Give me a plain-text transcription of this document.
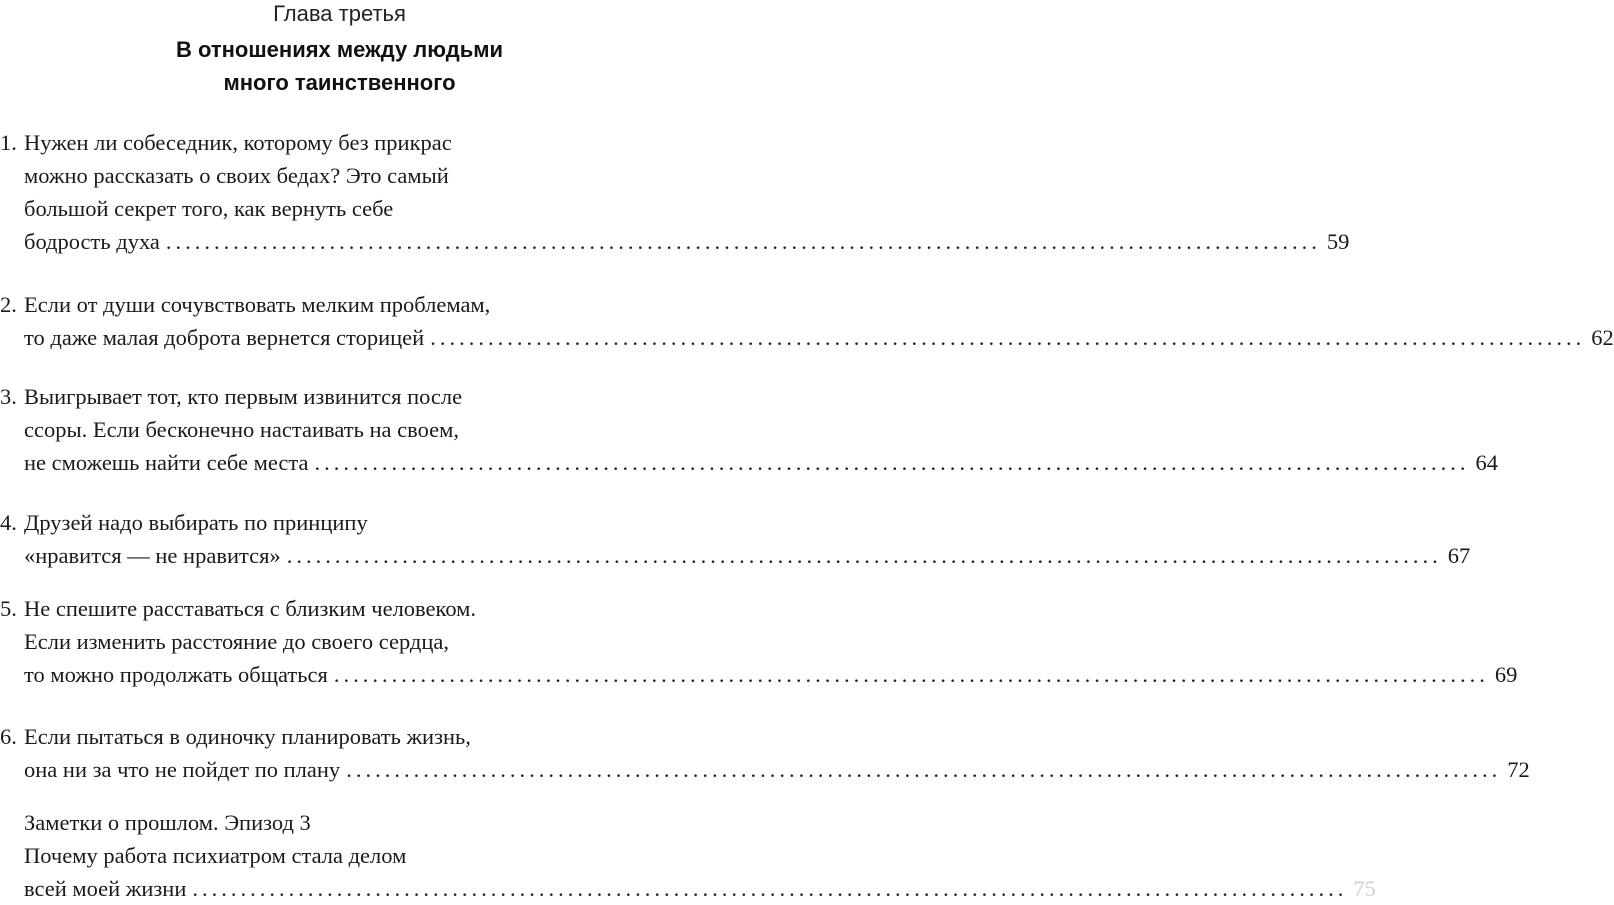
Глава третья
В отношениях между людьми
много таинственного
1. Нужен ли собеседник, которому без прикрас
можно рассказать о своих бедах? Это самый
большой секрет того, как вернуть себе
бодрость духа ........................................................................................................................ 59
2. Если от души сочувствовать мелким проблемам,
то даже малая доброта вернется сторицей ........................................................................................................................ 62
3. Выигрывает тот, кто первым извинится после
ссоры. Если бесконечно настаивать на своем,
не сможешь найти себе места ........................................................................................................................ 64
4. Друзей надо выбирать по принципу
«нравится — не нравится» ........................................................................................................................ 67
5. Не спешите расставаться с близким человеком.
Если изменить расстояние до своего сердца,
то можно продолжать общаться ........................................................................................................................ 69
6. Если пытаться в одиночку планировать жизнь,
она ни за что не пойдет по плану ........................................................................................................................ 72
Заметки о прошлом. Эпизод 3
Почему работа психиатром стала делом
всей моей жизни ........................................................................................................................ 75
